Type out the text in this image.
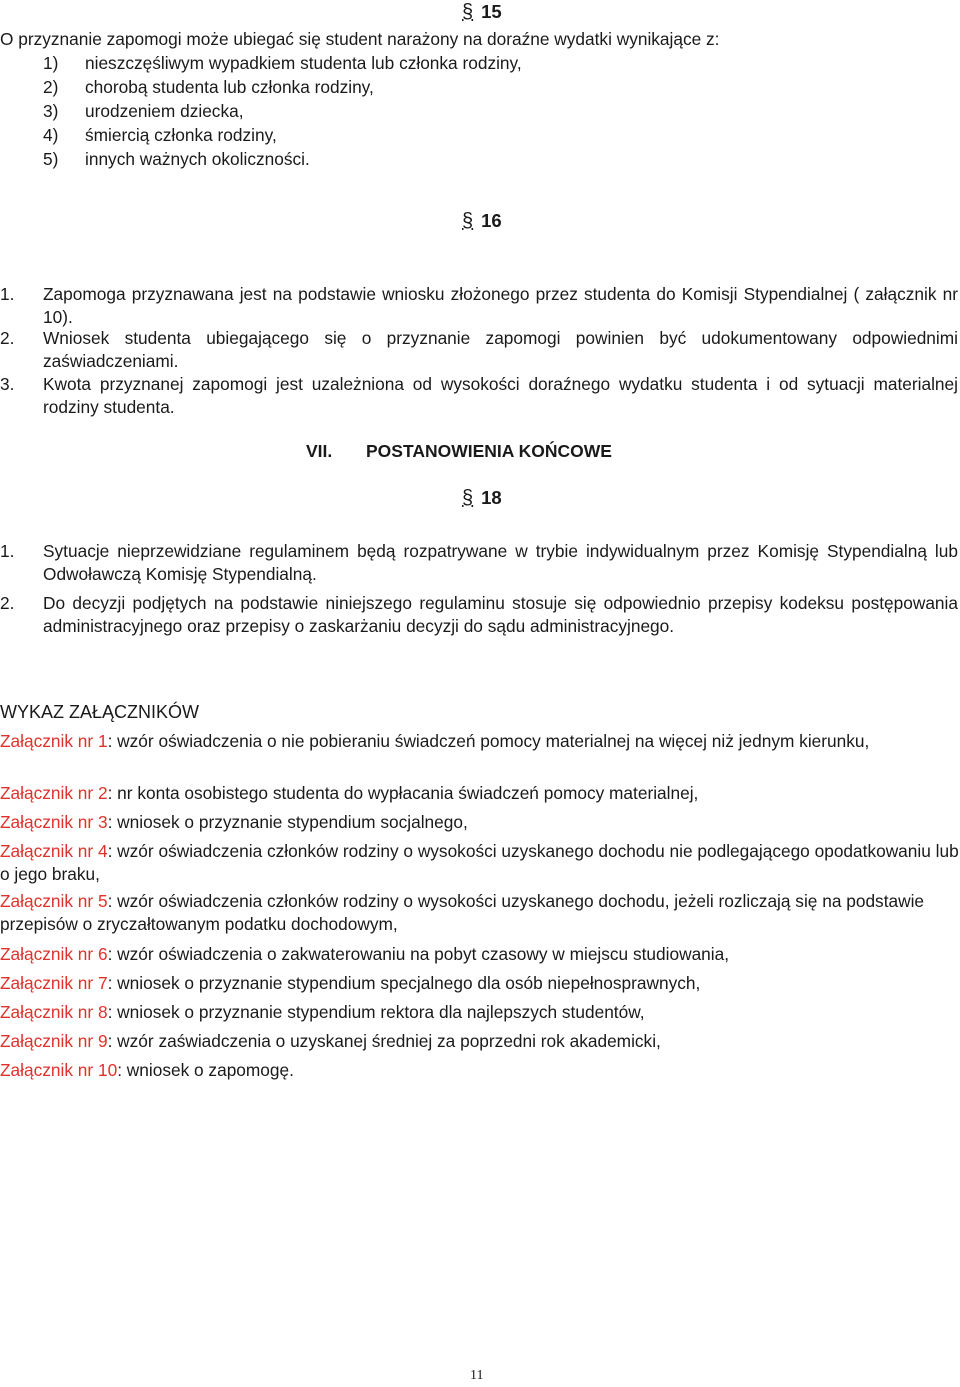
§ 15
O przyznanie zapomogi może ubiegać się student narażony na doraźne wydatki wynikające z:
1) nieszczęśliwym wypadkiem studenta lub członka rodziny,
2) chorobą studenta lub członka rodziny,
3) urodzeniem dziecka,
4) śmiercią członka rodziny,
5) innych ważnych okoliczności.
§ 16
1. Zapomoga przyznawana jest na podstawie wniosku złożonego przez studenta do Komisji Stypendialnej ( załącznik nr 10).
2. Wniosek studenta ubiegającego się o przyznanie zapomogi powinien być udokumentowany odpowiednimi zaświadczeniami.
3. Kwota przyznanej zapomogi jest uzależniona od wysokości doraźnego wydatku studenta i od sytuacji materialnej rodziny studenta.
VII. POSTANOWIENIA KOŃCOWE
§ 18
1. Sytuacje nieprzewidziane regulaminem będą rozpatrywane w trybie indywidualnym przez Komisję Stypendialną lub Odwoławczą Komisję Stypendialną.
2. Do decyzji podjętych na podstawie niniejszego regulaminu stosuje się odpowiednio przepisy kodeksu postępowania administracyjnego oraz przepisy o zaskarżaniu decyzji do sądu administracyjnego.
WYKAZ ZAŁĄCZNIKÓW
Załącznik nr 1: wzór oświadczenia o nie pobieraniu świadczeń pomocy materialnej na więcej niż jednym kierunku,
Załącznik nr 2: nr konta osobistego studenta do wypłacania świadczeń pomocy materialnej,
Załącznik nr 3: wniosek o przyznanie stypendium socjalnego,
Załącznik nr 4: wzór oświadczenia członków rodziny o wysokości uzyskanego dochodu nie podlegającego opodatkowaniu lub o jego braku,
Załącznik nr 5: wzór oświadczenia członków rodziny o wysokości uzyskanego dochodu, jeżeli rozliczają się na podstawie przepisów o zryczałtowanym podatku dochodowym,
Załącznik nr 6: wzór oświadczenia o zakwaterowaniu na pobyt czasowy w miejscu studiowania,
Załącznik nr 7: wniosek o przyznanie stypendium specjalnego dla osób niepełnosprawnych,
Załącznik nr 8: wniosek o przyznanie stypendium rektora dla najlepszych studentów,
Załącznik nr 9: wzór zaświadczenia o uzyskanej średniej za poprzedni rok akademicki,
Załącznik nr 10: wniosek o zapomogę.
11
